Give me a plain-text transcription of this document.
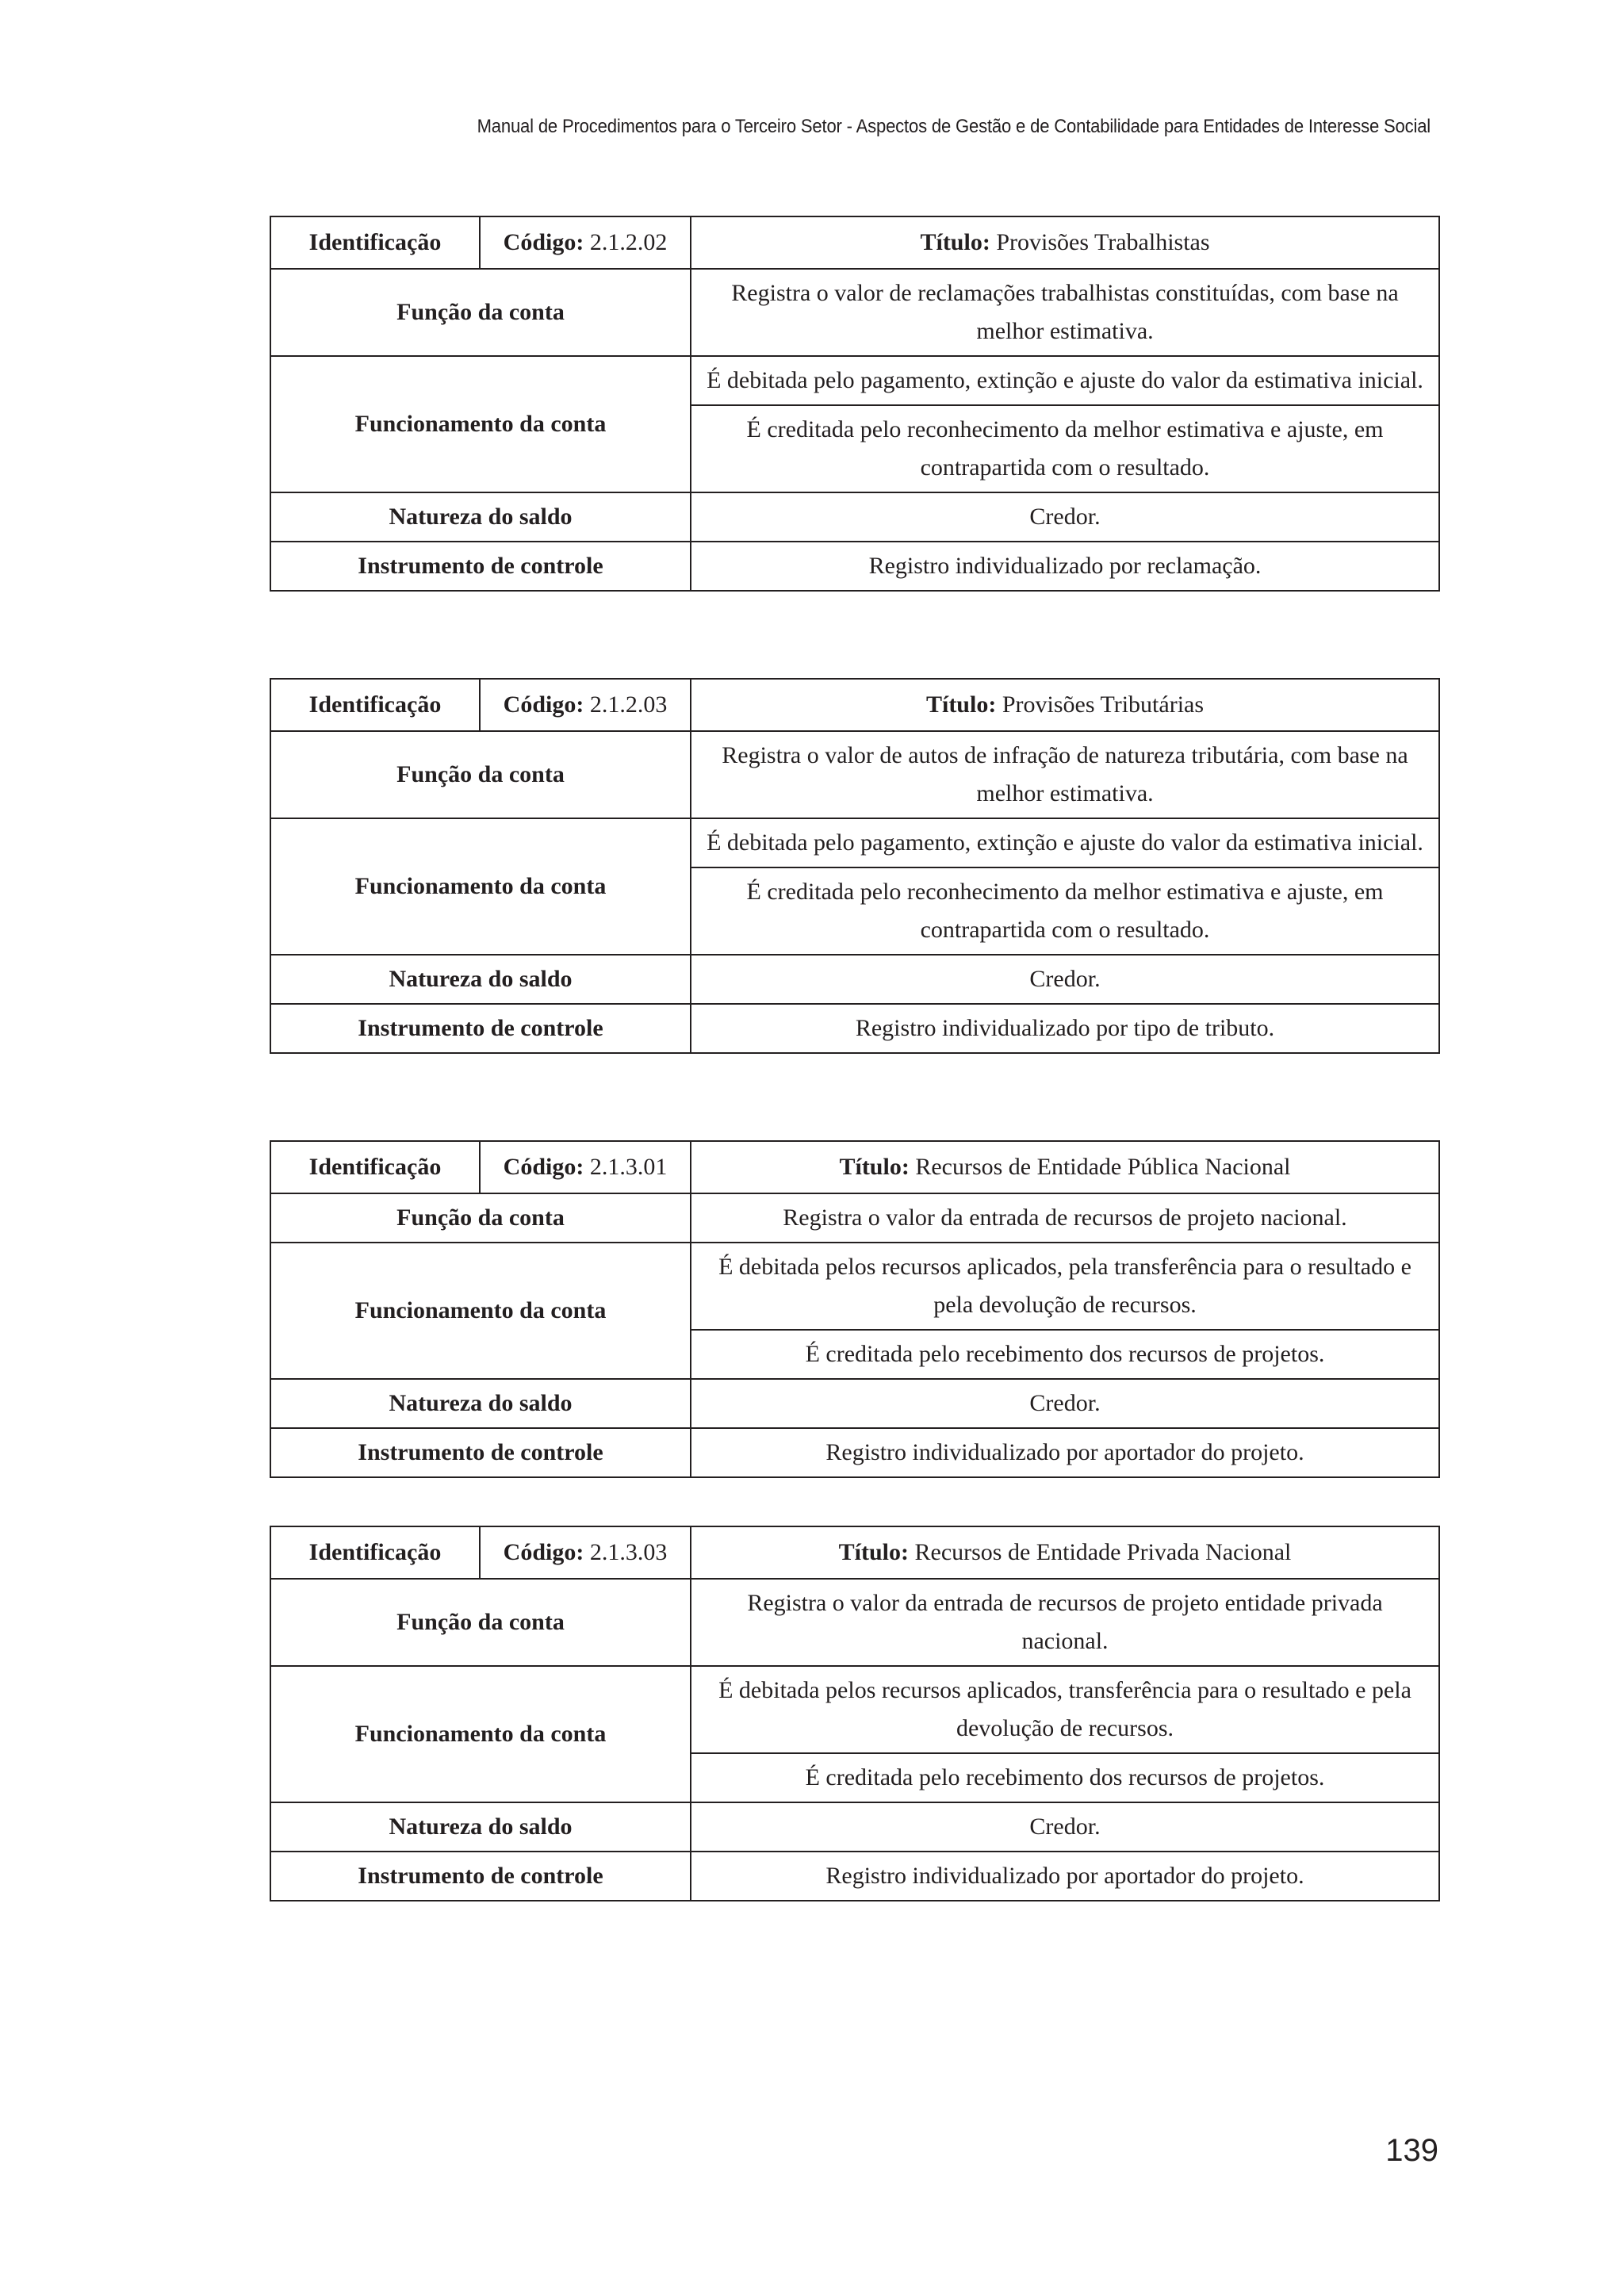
Manual de Procedimentos para o Terceiro Setor - Aspectos de Gestão e de Contabilidade para Entidades de Interesse Social
Identificação	Código: 2.1.2.02	Título: Provisões Trabalhistas
Função da conta		Registra o valor de reclamações trabalhistas constituídas, com base na melhor estimativa.
Funcionamento da conta		É debitada pelo pagamento, extinção e ajuste do valor da estimativa inicial.
		É creditada pelo reconhecimento da melhor estimativa e ajuste, em contrapartida com o resultado.
Natureza do saldo		Credor.
Instrumento de controle		Registro individualizado por reclamação.
Identificação	Código: 2.1.2.03	Título: Provisões Tributárias
Função da conta		Registra o valor de autos de infração de natureza tributária, com base na melhor estimativa.
Funcionamento da conta		É debitada pelo pagamento, extinção e ajuste do valor da estimativa inicial.
		É creditada pelo reconhecimento da melhor estimativa e ajuste, em contrapartida com o resultado.
Natureza do saldo		Credor.
Instrumento de controle		Registro individualizado por tipo de tributo.
Identificação	Código: 2.1.3.01	Título: Recursos de Entidade Pública Nacional
Função da conta		Registra o valor da entrada de recursos de projeto nacional.
Funcionamento da conta		É debitada pelos recursos aplicados, pela transferência para o resultado e pela devolução de recursos.
		É creditada pelo recebimento dos recursos de projetos.
Natureza do saldo		Credor.
Instrumento de controle		Registro individualizado por aportador do projeto.
Identificação	Código: 2.1.3.03	Título: Recursos de Entidade Privada Nacional
Função da conta		Registra o valor da entrada de recursos de projeto entidade privada nacional.
Funcionamento da conta		É debitada pelos recursos aplicados, transferência para o resultado e pela devolução de recursos.
		É creditada pelo recebimento dos recursos de projetos.
Natureza do saldo		Credor.
Instrumento de controle		Registro individualizado por aportador do projeto.
139
